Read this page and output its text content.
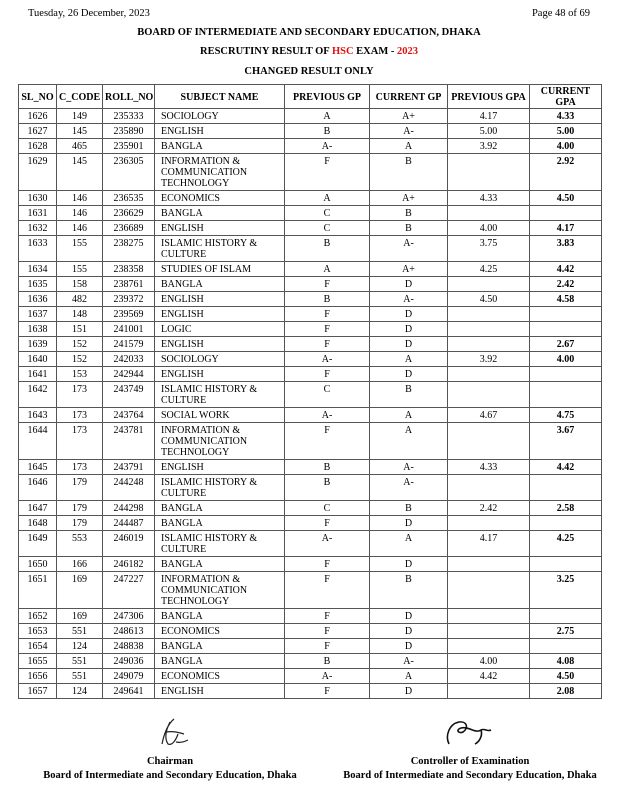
Tuesday, 26 December, 2023	Page 48 of 69
BOARD OF INTERMEDIATE AND SECONDARY EDUCATION, DHAKA
RESCRUTINY RESULT OF HSC EXAM - 2023
CHANGED RESULT ONLY
SL_NO	C_CODE	ROLL_NO	SUBJECT NAME	PREVIOUS GP	CURRENT GP	PREVIOUS GPA	CURRENT GPA
1626	149	235333	SOCIOLOGY	A	A+	4.17	4.33
1627	145	235890	ENGLISH	B	A-	5.00	5.00
1628	465	235901	BANGLA	A-	A	3.92	4.00
1629	145	236305	INFORMATION & COMMUNICATION TECHNOLOGY	F	B		2.92
1630	146	236535	ECONOMICS	A	A+	4.33	4.50
1631	146	236629	BANGLA	C	B		
1632	146	236689	ENGLISH	C	B	4.00	4.17
1633	155	238275	ISLAMIC HISTORY & CULTURE	B	A-	3.75	3.83
1634	155	238358	STUDIES OF ISLAM	A	A+	4.25	4.42
1635	158	238761	BANGLA	F	D		2.42
1636	482	239372	ENGLISH	B	A-	4.50	4.58
1637	148	239569	ENGLISH	F	D		
1638	151	241001	LOGIC	F	D		
1639	152	241579	ENGLISH	F	D		2.67
1640	152	242033	SOCIOLOGY	A-	A	3.92	4.00
1641	153	242944	ENGLISH	F	D		
1642	173	243749	ISLAMIC HISTORY & CULTURE	C	B		
1643	173	243764	SOCIAL WORK	A-	A	4.67	4.75
1644	173	243781	INFORMATION & COMMUNICATION TECHNOLOGY	F	A		3.67
1645	173	243791	ENGLISH	B	A-	4.33	4.42
1646	179	244248	ISLAMIC HISTORY & CULTURE	B	A-		
1647	179	244298	BANGLA	C	B	2.42	2.58
1648	179	244487	BANGLA	F	D		
1649	553	246019	ISLAMIC HISTORY & CULTURE	A-	A	4.17	4.25
1650	166	246182	BANGLA	F	D		
1651	169	247227	INFORMATION & COMMUNICATION TECHNOLOGY	F	B		3.25
1652	169	247306	BANGLA	F	D		
1653	551	248613	ECONOMICS	F	D		2.75
1654	124	248838	BANGLA	F	D		
1655	551	249036	BANGLA	B	A-	4.00	4.08
1656	551	249079	ECONOMICS	A-	A	4.42	4.50
1657	124	249641	ENGLISH	F	D		2.08
Chairman
Board of Intermediate and Secondary Education, Dhaka
Controller of Examination
Board of Intermediate and Secondary Education, Dhaka
